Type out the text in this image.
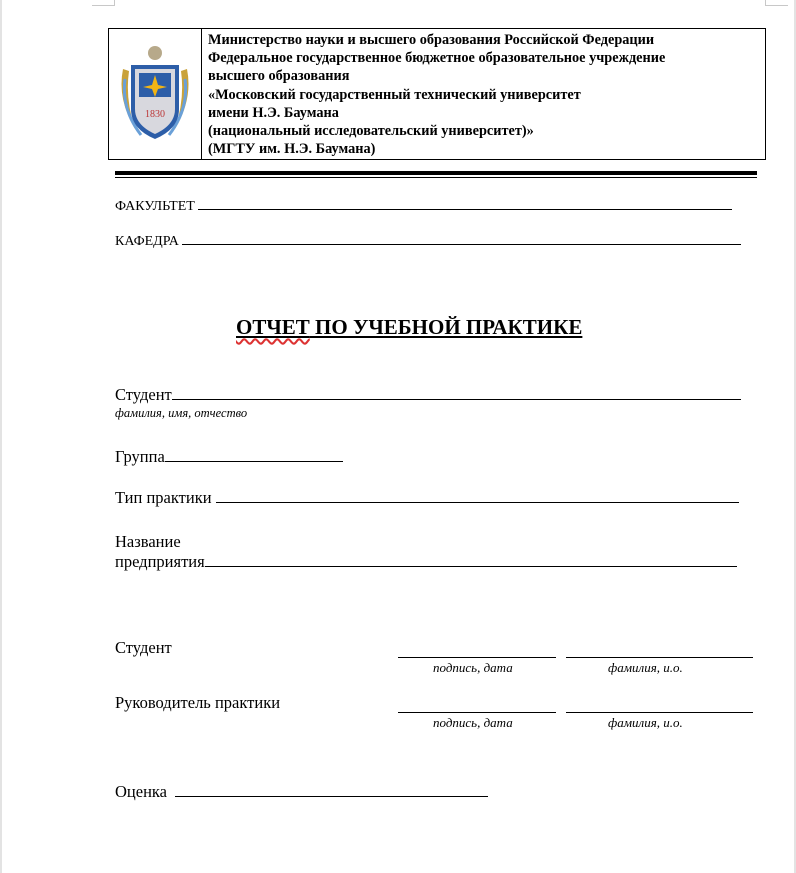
1830
Министерство науки и высшего образования Российской Федерации
Федеральное государственное бюджетное образовательное учреждение
высшего образования
«Московский государственный технический университет
имени Н.Э. Баумана
(национальный исследовательский университет)»
(МГТУ им. Н.Э. Баумана)
ФАКУЛЬТЕТ
КАФЕДРА
ОТЧЕТ ПО УЧЕБНОЙ ПРАКТИКЕ
Студент
фамилия, имя, отчество
Группа
Тип практики
Название
предприятия
Студент
подпись, дата	фамилия, и.о.
Руководитель практики
подпись, дата	фамилия, и.о.
Оценка
